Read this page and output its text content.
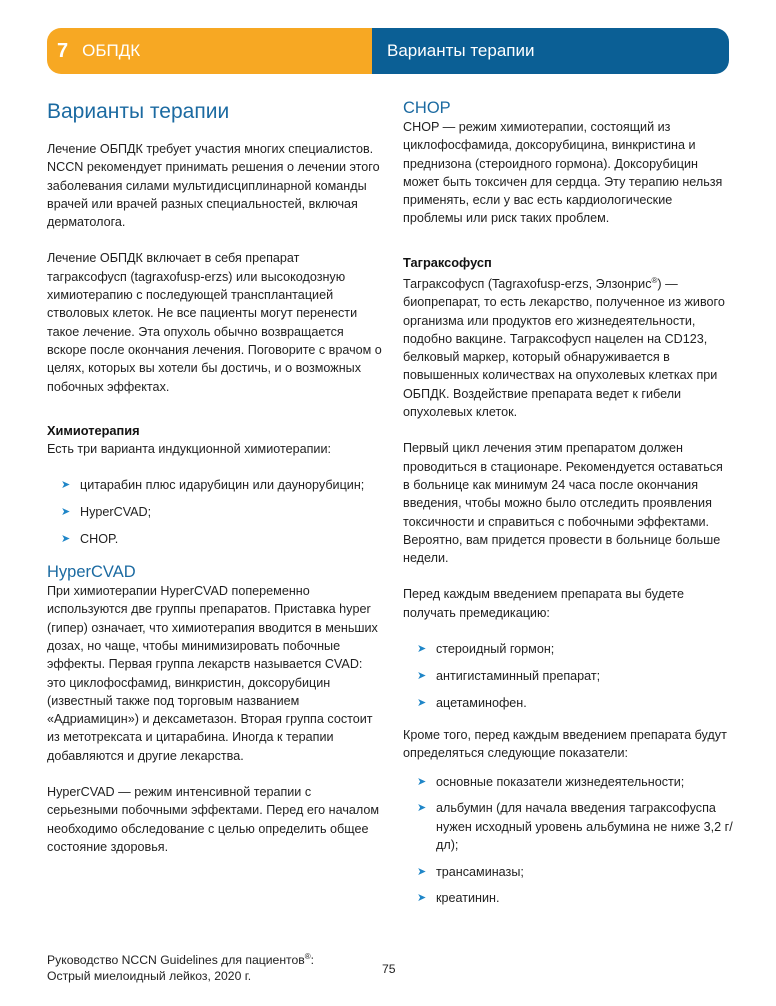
7 ОБПДК	Варианты терапии
Варианты терапии

Лечение ОБПДК требует участия многих специалистов. NCCN рекомендует принимать решения о лечении этого заболевания силами мультидисциплинарной команды врачей или врачей разных специальностей, включая дерматолога.

Лечение ОБПДК включает в себя препарат таграксофусп (tagraxofusp-erzs) или высокодозную химиотерапию с последующей трансплантацией стволовых клеток. Не все пациенты могут перенести такое лечение. Эта опухоль обычно возвращается вскоре после окончания лечения. Поговорите с врачом о целях, которых вы хотели бы достичь, и о возможных побочных эффектах.

Химиотерапия

Есть три варианта индукционной химиотерапии:

➤ цитарабин плюс идарубицин или даунорубицин;
➤ HyperCVAD;
➤ CHOP.
HyperCVAD

При химиотерапии HyperCVAD попеременно используются две группы препаратов. Приставка hyper (гипер) означает, что химиотерапия вводится в меньших дозах, но чаще, чтобы минимизировать побочные эффекты. Первая группа лекарств называется CVAD: это циклофосфамид, винкристин, доксорубицин (известный также под торговым названием «Адриамицин») и дексаметазон. Вторая группа состоит из метотрексата и цитарабина. Иногда к терапии добавляются и другие лекарства.

HyperCVAD — режим интенсивной терапии с серьезными побочными эффектами. Перед его началом необходимо обследование с целью определить общее состояние здоровья.

CHOP

CHOP — режим химиотерапии, состоящий из циклофосфамида, доксорубицина, винкристина и преднизона (стероидного гормона). Доксорубицин может быть токсичен для сердца. Эту терапию нельзя применять, если у вас есть кардиологические проблемы или риск таких проблем.

Таграксофусп

Таграксофусп (Tagraxofusp-erzs, Элзонрис®) — биопрепарат, то есть лекарство, полученное из живого организма или продуктов его жизнедеятельности, подобно вакцине. Таграксофусп нацелен на CD123, белковый маркер, который обнаруживается в повышенных количествах на опухолевых клетках при ОБПДК. Воздействие препарата ведет к гибели опухолевых клеток.

Первый цикл лечения этим препаратом должен проводиться в стационаре. Рекомендуется оставаться в больнице как минимум 24 часа после окончания введения, чтобы можно было отследить проявления токсичности и справиться с побочными эффектами. Вероятно, вам придется провести в больнице больше недели.

Перед каждым введением препарата вы будете получать премедикацию:

➤ стероидный гормон;
➤ антигистаминный препарат;
➤ ацетаминофен.

Кроме того, перед каждым введением препарата будут определяться следующие показатели:

➤ основные показатели жизнедеятельности;
➤ альбумин (для начала введения таграксофуспа нужен исходный уровень альбумина не ниже 3,2 г/дл);
➤ трансаминазы;
➤ креатинин.
Руководство NCCN Guidelines для пациентов®:
Острый миелоидный лейкоз, 2020 г.
75
